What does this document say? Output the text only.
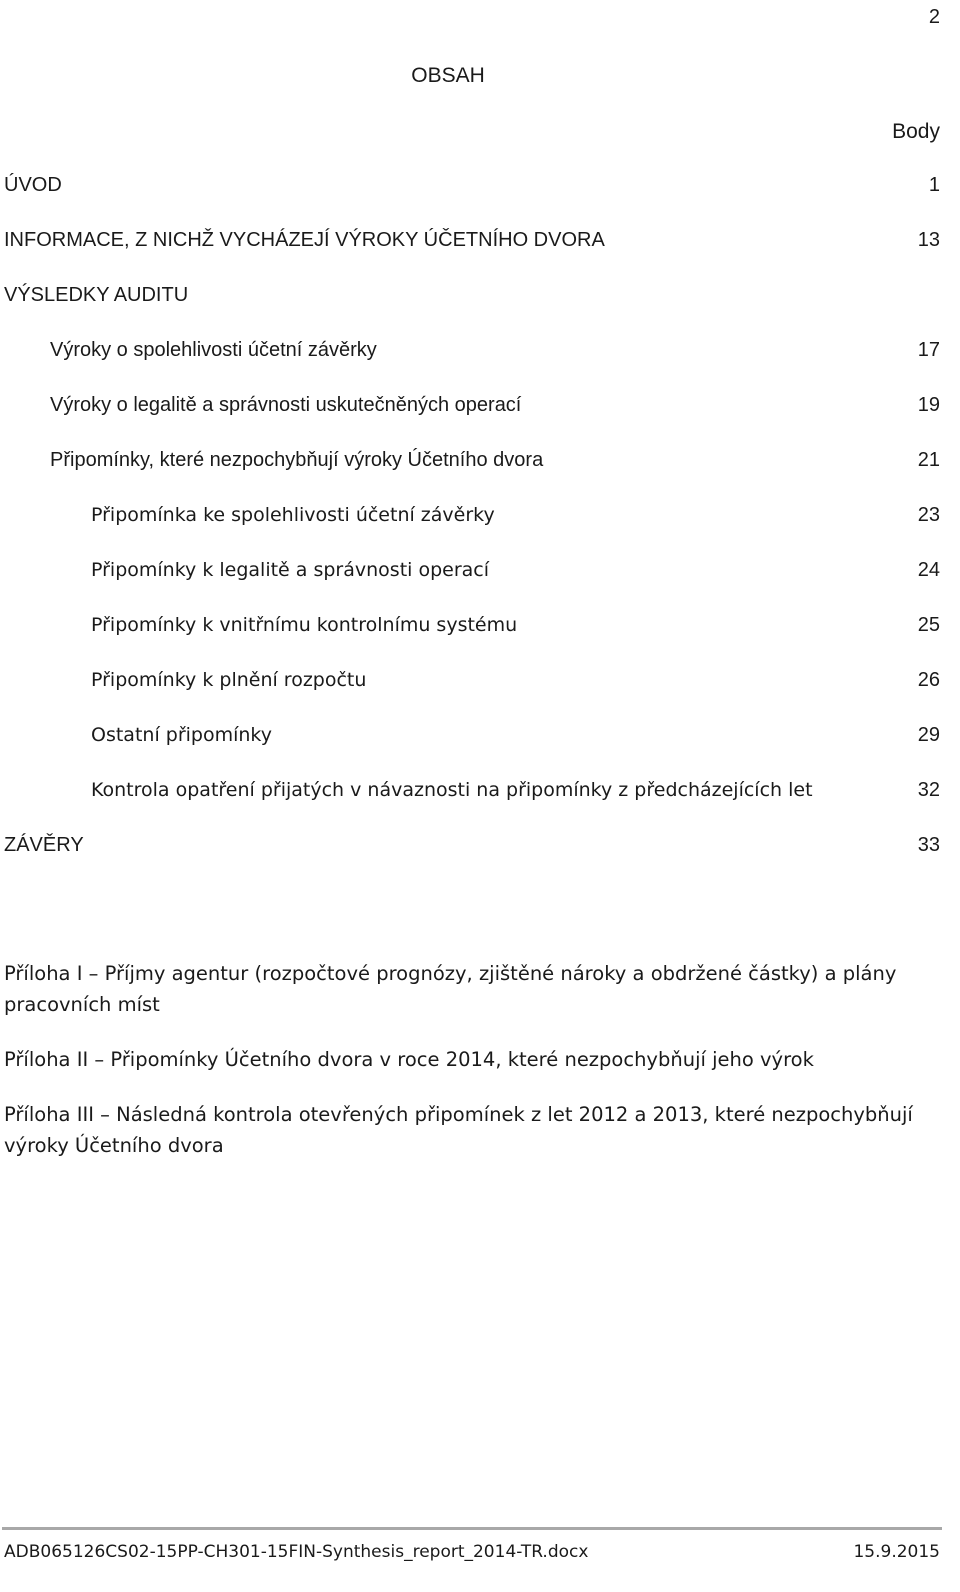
2
OBSAH
Body
ÚVOD	1
INFORMACE, Z NICHŽ VYCHÁZEJÍ VÝROKY ÚČETNÍHO DVORA	13
VÝSLEDKY AUDITU
Výroky o spolehlivosti účetní závěrky	17
Výroky o legalitě a správnosti uskutečněných operací	19
Připomínky, které nezpochybňují výroky Účetního dvora	21
Připomínka ke spolehlivosti účetní závěrky	23
Připomínky k legalitě a správnosti operací	24
Připomínky k vnitřnímu kontrolnímu systému	25
Připomínky k plnění rozpočtu	26
Ostatní připomínky	29
Kontrola opatření přijatých v návaznosti na připomínky z předcházejících let	32
ZÁVĚRY	33

Příloha I – Příjmy agentur (rozpočtové prognózy, zjištěné nároky a obdržené částky) a plány pracovních míst

Příloha II – Připomínky Účetního dvora v roce 2014, které nezpochybňují jeho výrok

Příloha III – Následná kontrola otevřených připomínek z let 2012 a 2013, které nezpochybňují výroky Účetního dvora

ADB065126CS02-15PP-CH301-15FIN-Synthesis_report_2014-TR.docx	15.9.2015
